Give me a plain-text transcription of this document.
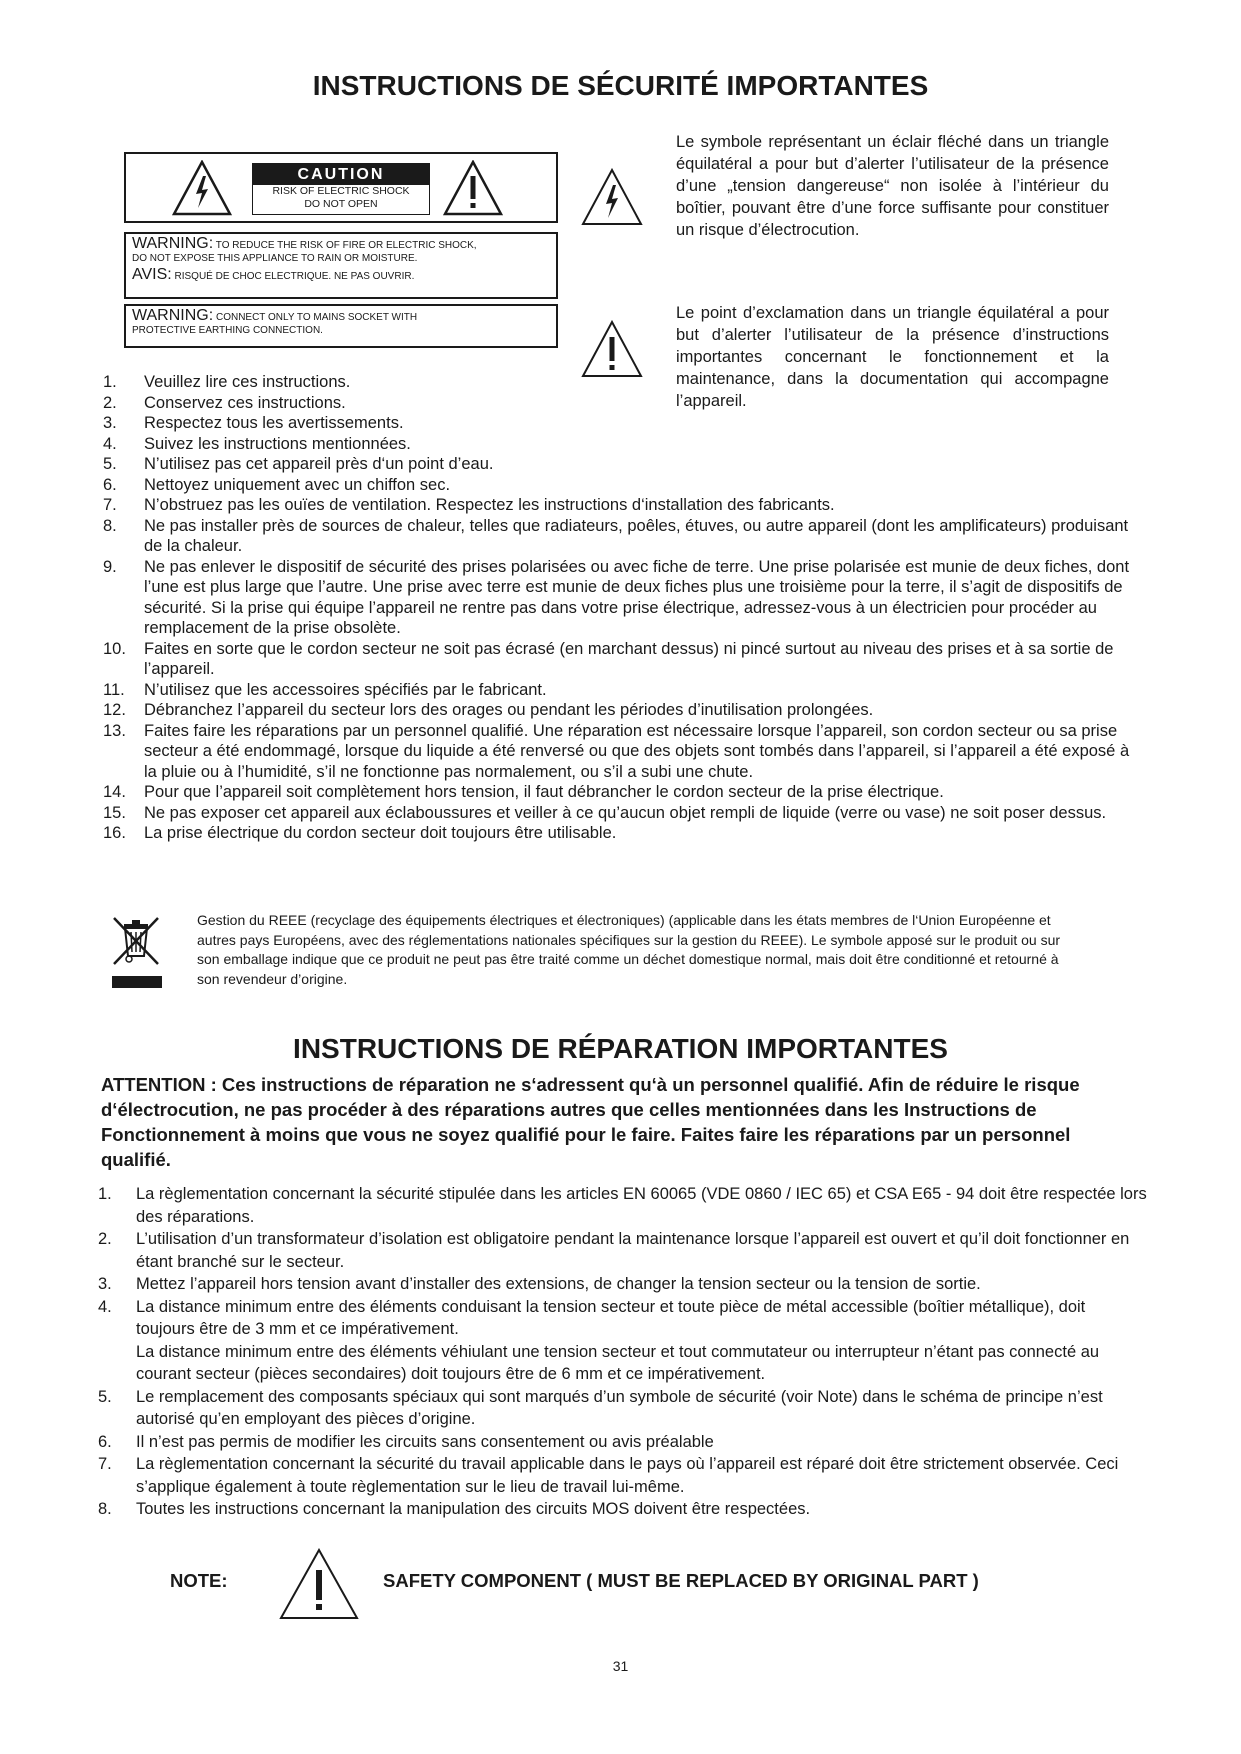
INSTRUCTIONS DE SÉCURITÉ IMPORTANTES
CAUTION
RISK OF ELECTRIC SHOCK
DO NOT OPEN
WARNING: TO REDUCE THE RISK OF FIRE OR ELECTRIC SHOCK,
DO NOT EXPOSE THIS APPLIANCE TO RAIN OR MOISTURE.
AVIS: RISQUÉ DE CHOC ELECTRIQUE. NE PAS OUVRIR.
WARNING: CONNECT ONLY TO MAINS SOCKET WITH
PROTECTIVE EARTHING CONNECTION.
Le symbole représentant un éclair fléché dans un triangle équilatéral a pour but d’alerter l’utilisateur de la présence d’une „tension dangereuse“ non isolée à l’intérieur du boîtier, pouvant être d’une force suffisante pour constituer un risque d’électrocution.
Le point d’exclamation dans un triangle équilatéral a pour but d’alerter l’utilisateur de la présence d’instructions importantes concernant le fonctionnement et la maintenance, dans la documentation qui accompagne l’appareil.
1.	Veuillez lire ces instructions.
2.	Conservez ces instructions.
3.	Respectez tous les avertissements.
4.	Suivez les instructions mentionnées.
5.	N’utilisez pas cet appareil près d‘un point d’eau.
6.	Nettoyez uniquement avec un chiffon sec.
7.	N’obstruez pas les ouïes de ventilation. Respectez les instructions d‘installation des fabricants.
8.	Ne pas installer près de sources de chaleur, telles que radiateurs, poêles, étuves, ou autre appareil (dont les amplificateurs) produisant de la chaleur.
9.	Ne pas enlever le dispositif de sécurité des prises polarisées ou avec fiche de terre. Une prise polarisée est munie de deux fiches, dont l’une est plus large que l’autre. Une prise avec terre est munie de deux fiches plus une troisième pour la terre, il s’agit de dispositifs de sécurité. Si la prise qui équipe l’appareil ne rentre pas dans votre prise électrique, adressez-vous à un électricien pour procéder au remplacement de la prise obsolète.
10.	Faites en sorte que le cordon secteur ne soit pas écrasé (en marchant dessus) ni pincé surtout au niveau des prises et à sa sortie de l’appareil.
11.	N’utilisez que les accessoires spécifiés par le fabricant.
12.	Débranchez l’appareil du secteur lors des orages ou pendant les périodes d’inutilisation prolongées.
13.	Faites faire les réparations par un personnel qualifié. Une réparation est nécessaire lorsque l’appareil, son cordon secteur ou sa prise secteur a été endommagé, lorsque du liquide a été renversé ou que des objets sont tombés dans l’appareil, si l’appareil a été exposé à la pluie ou à l’humidité, s’il ne fonctionne pas normalement, ou s’il a subi une chute.
14.	Pour que l’appareil soit complètement hors tension, il faut débrancher le cordon secteur de la prise électrique.
15.	Ne pas exposer cet appareil aux éclaboussures et veiller à ce qu’aucun objet rempli de liquide (verre ou vase) ne soit poser dessus.
16.	La prise électrique du cordon secteur doit toujours être utilisable.
Gestion du REEE (recyclage des équipements électriques et électroniques) (applicable dans les états membres de l‘Union Européenne et autres pays Européens, avec des réglementations nationales spécifiques sur la gestion du REEE). Le symbole apposé sur le produit ou sur son emballage indique que ce produit ne peut pas être traité comme un déchet domestique normal, mais doit être conditionné et retourné à son revendeur d’origine.
INSTRUCTIONS DE RÉPARATION IMPORTANTES
ATTENTION : Ces instructions de réparation ne s‘adressent qu‘à un personnel qualifié. Afin de réduire le risque d‘électrocution, ne pas procéder à des réparations autres que celles mentionnées dans les Instructions de Fonctionnement à moins que vous ne soyez qualifié pour le faire. Faites faire les réparations par un personnel qualifié.
1.	La règlementation concernant la sécurité stipulée dans les articles EN 60065 (VDE 0860 / IEC 65) et CSA E65 - 94 doit être respectée lors des réparations.
2.	L’utilisation d’un transformateur d’isolation est obligatoire pendant la maintenance lorsque l’appareil est ouvert et qu’il doit fonctionner en étant branché sur le secteur.
3.	Mettez l’appareil hors tension avant d’installer des extensions, de changer la tension secteur ou la tension de sortie.
4.	La distance minimum entre des éléments conduisant la tension secteur et toute pièce de métal accessible (boîtier métallique), doit toujours être de 3 mm et ce impérativement.
La distance minimum entre des éléments véhiulant une tension secteur et tout commutateur ou interrupteur n’étant pas connecté au courant secteur (pièces secondaires) doit toujours être de 6 mm et ce impérativement.
5.	Le remplacement des composants spéciaux qui sont marqués d’un symbole de sécurité (voir Note) dans le schéma de principe n’est autorisé qu’en employant des pièces d’origine.
6.	Il n’est pas permis de modifier les circuits sans consentement ou avis préalable
7.	La règlementation concernant la sécurité du travail applicable dans le pays où l’appareil est réparé doit être strictement observée. Ceci s’applique également à toute règlementation sur le lieu de travail lui-même.
8.	Toutes les instructions concernant la manipulation des circuits MOS doivent être respectées.
NOTE:	SAFETY COMPONENT ( MUST BE REPLACED BY ORIGINAL PART )
31
